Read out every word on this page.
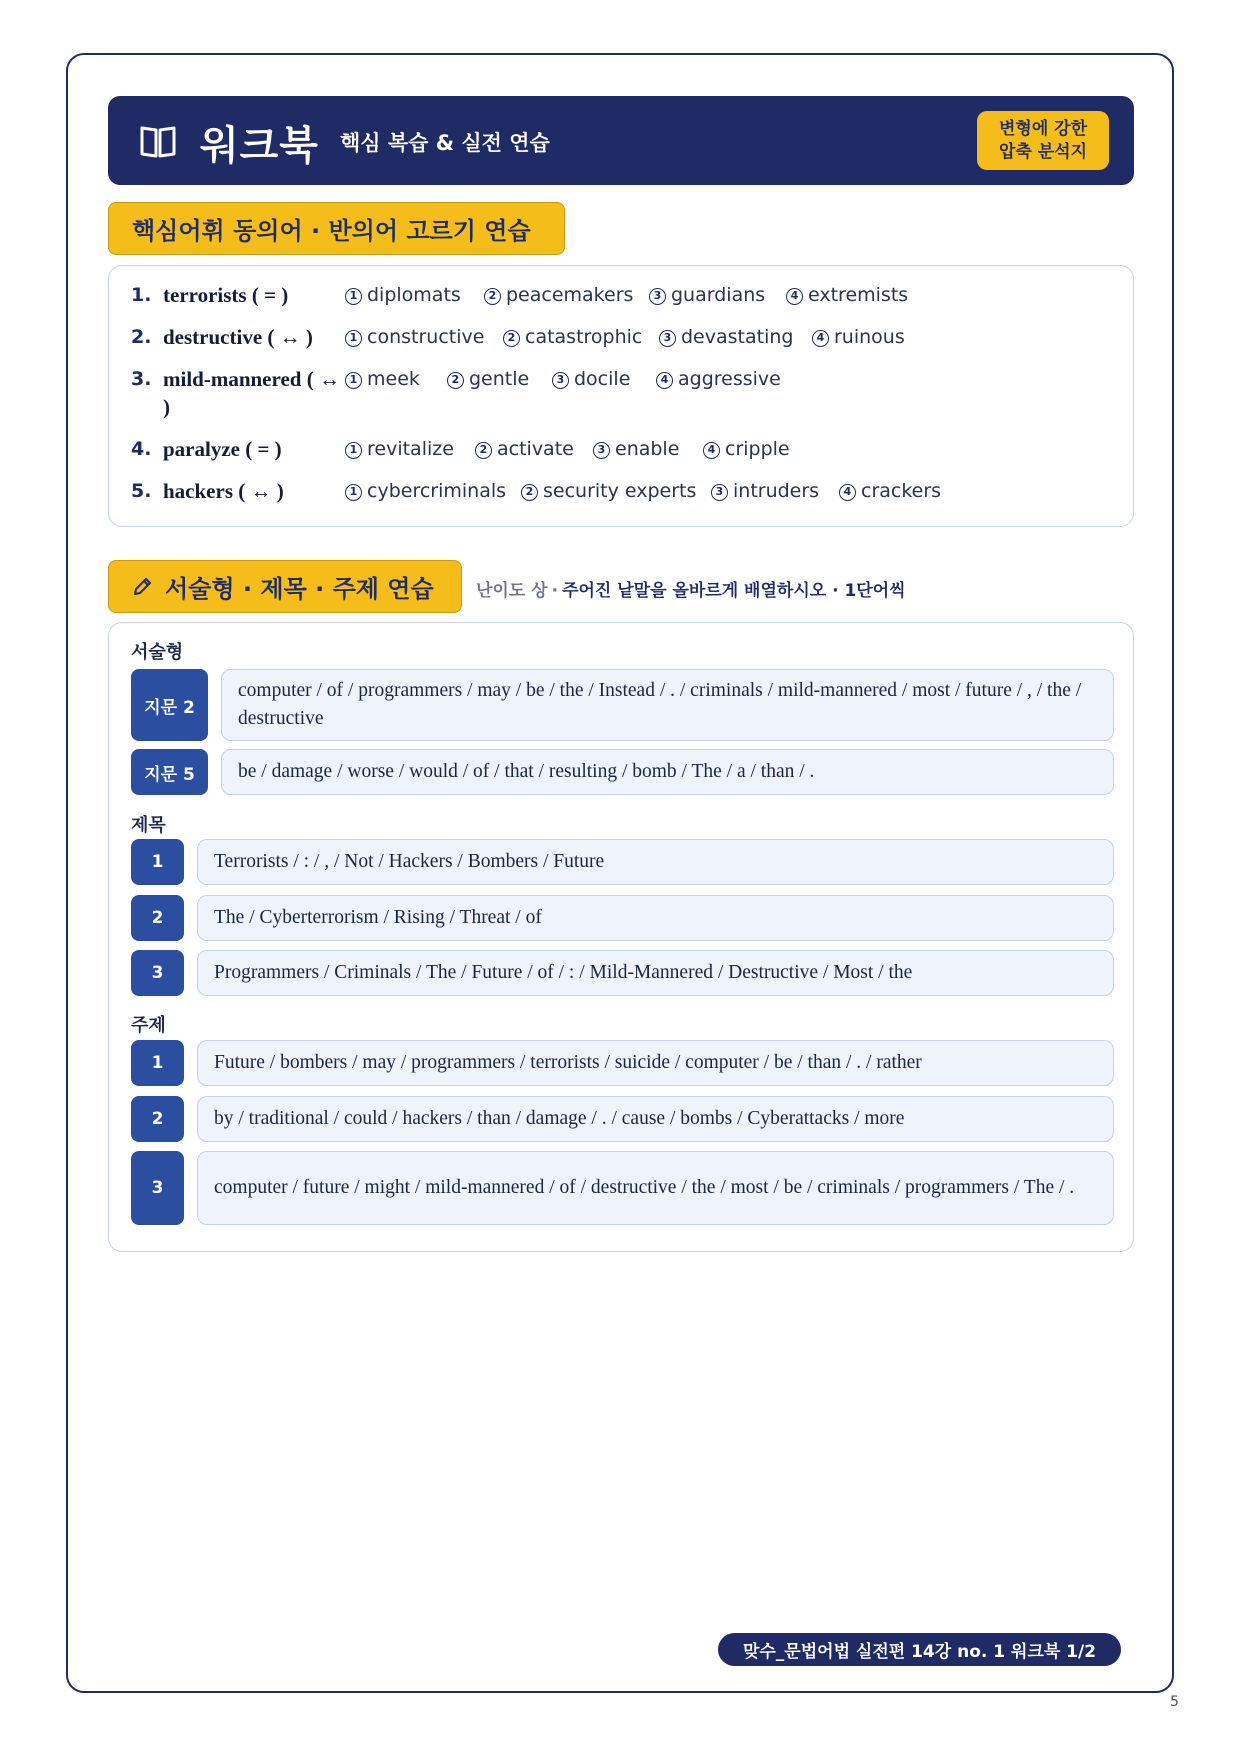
워크북 핵심 복습 & 실전 연습
변형에 강한
압축 분석지
핵심어휘 동의어 · 반의어 고르기 연습
1. terrorists ( = )	1 diplomats	2 peacemakers	3 guardians	4 extremists
2. destructive ( ↔ )	1 constructive	2 catastrophic	3 devastating	4 ruinous
3. mild-mannered ( ↔ )
1 meek	2 gentle	3 docile	4 aggressive
4. paralyze ( = )	1 revitalize	2 activate	3 enable	4 cripple
5. hackers ( ↔ )	1 cybercriminals	2 security experts	3 intruders	4 crackers
서술형 · 제목 · 주제 연습 난이도 상 · 주어진 낱말을 올바르게 배열하시오 · 1단어씩
서술형
지문 2
computer / of / programmers / may / be / the / Instead / . / criminals / mild-mannered / most / future / , / the / destructive
지문 5	be / damage / worse / would / of / that / resulting / bomb / The / a / than / .
제목
1	Terrorists / : / , / Not / Hackers / Bombers / Future
2	The / Cyberterrorism / Rising / Threat / of
3	Programmers / Criminals / The / Future / of / : / Mild-Mannered / Destructive / Most / the
주제
1	Future / bombers / may / programmers / terrorists / suicide / computer / be / than / . / rather
2	by / traditional / could / hackers / than / damage / . / cause / bombs / Cyberattacks / more
3	computer / future / might / mild-mannered / of / destructive / the / most / be / criminals / programmers / The / .
맞수_문법어법 실전편 14강 no. 1 워크북 1/2
5
